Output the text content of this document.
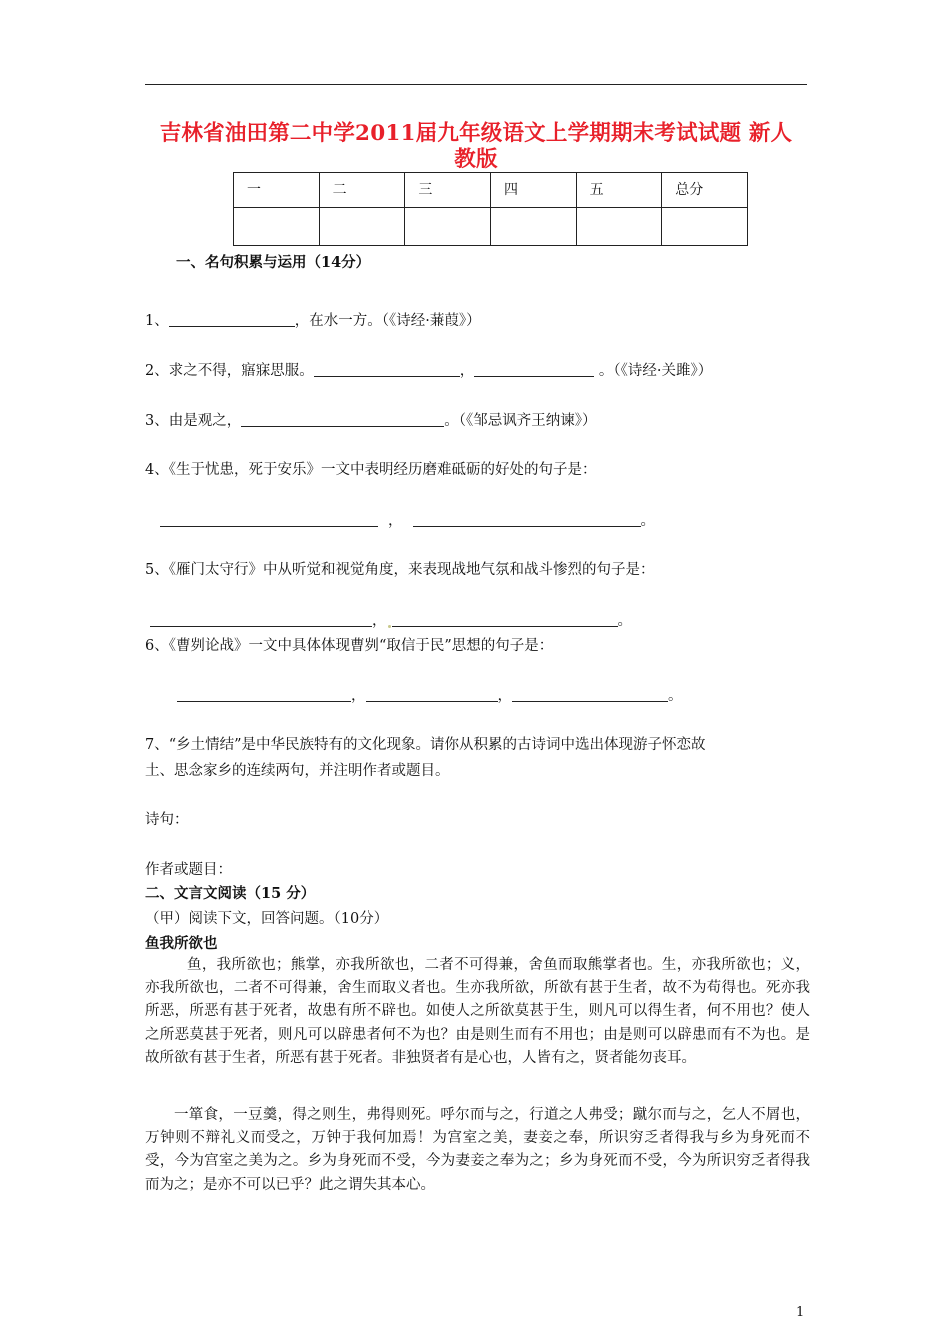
吉林省油田第二中学2011届九年级语文上学期期末考试试题 新人
教版
一	二	三	四	五	总分

一、名句积累与运用（14分）
1、	，在水一方。（《诗经·蒹葭》）
2、求之不得，寤寐思服。	，	。（《诗经·关雎》）
3、由是观之，	。（《邹忌讽齐王纳谏》）
4、《生于忧患，死于安乐》一文中表明经历磨难砥砺的好处的句子是：
，	。
5、《雁门太守行》中从听觉和视觉角度，来表现战地气氛和战斗惨烈的句子是：
，	。
6、《曹刿论战》一文中具体体现曹刿“取信于民”思想的句子是：
，	，	。
7、“乡土情结”是中华民族特有的文化现象。请你从积累的古诗词中选出体现游子怀恋故
土、思念家乡的连续两句，并注明作者或题目。
诗句：
作者或题目：
二、文言文阅读（15 分）
（甲）阅读下文，回答问题。（10分）
鱼我所欲也
鱼，我所欲也；熊掌，亦我所欲也，二者不可得兼，舍鱼而取熊掌者也。生，亦我所欲也；义，亦我所欲也，二者不可得兼，舍生而取义者也。生亦我所欲，所欲有甚于生者，故不为苟得也。死亦我所恶，所恶有甚于死者，故患有所不辟也。如使人之所欲莫甚于生，则凡可以得生者，何不用也？使人之所恶莫甚于死者，则凡可以辟患者何不为也？由是则生而有不用也；由是则可以辟患而有不为也。是故所欲有甚于生者，所恶有甚于死者。非独贤者有是心也，人皆有之，贤者能勿丧耳。
一箪食，一豆羹，得之则生，弗得则死。呼尔而与之，行道之人弗受；蹴尔而与之，乞人不屑也，万钟则不辩礼义而受之，万钟于我何加焉！为宫室之美，妻妾之奉，所识穷乏者得我与乡为身死而不受，今为宫室之美为之。乡为身死而不受，今为妻妾之奉为之；乡为身死而不受，今为所识穷乏者得我而为之；是亦不可以已乎？此之谓失其本心。
1
